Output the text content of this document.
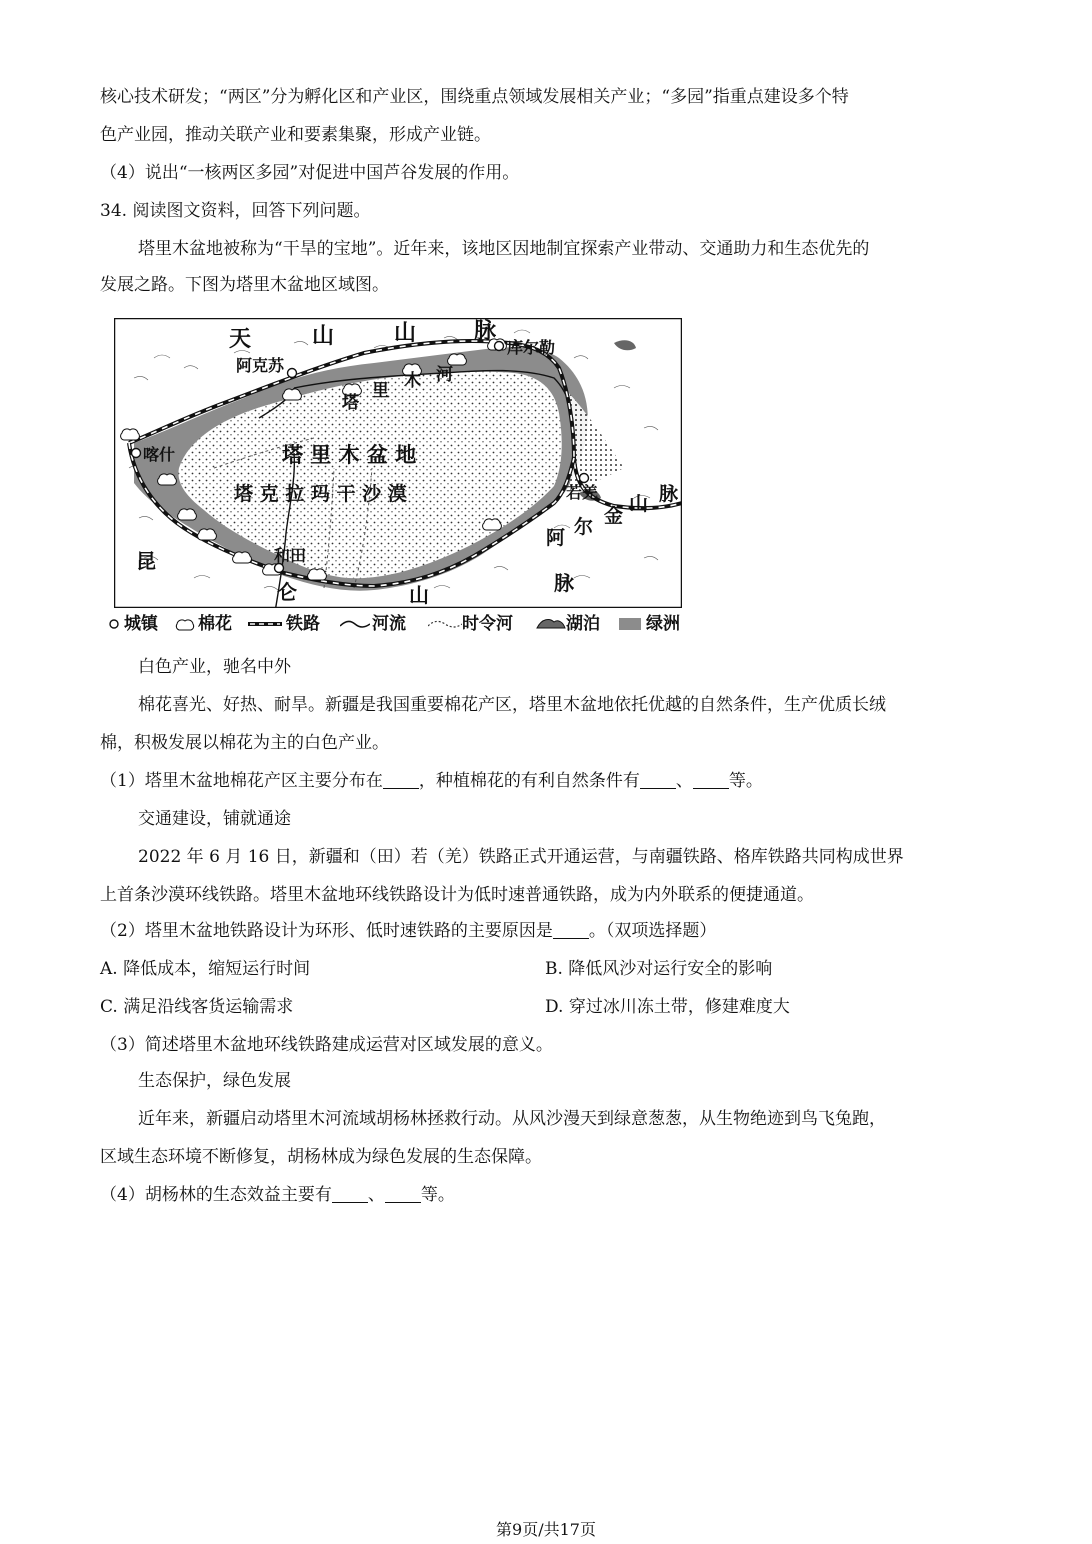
核心技术研发；“两区”分为孵化区和产业区，围绕重点领域发展相关产业；“多园”指重点建设多个特
色产业园，推动关联产业和要素集聚，形成产业链。
（4）说出“一核两区多园”对促进中国芦谷发展的作用。
34. 阅读图文资料，回答下列问题。
塔里木盆地被称为“干旱的宝地”。近年来，该地区因地制宜探索产业带动、交通助力和生态优先的
发展之路。下图为塔里木盆地区域图。
天	山	山	脉
库尔勒
阿克苏
喀什
和田
若羌
塔
里 木 河
塔 里 木 盆 地
塔 克 拉 玛 干 沙 漠
昆
仑	山
阿 尔 金
山 脉
脉
城镇 棉花	铁路	河流	时令河	湖泊	绿洲
白色产业，驰名中外
棉花喜光、好热、耐旱。新疆是我国重要棉花产区，塔里木盆地依托优越的自然条件，生产优质长绒
棉，积极发展以棉花为主的白色产业。
（1）塔里木盆地棉花产区主要分布在 ，种植棉花的有利自然条件有 、 等。
交通建设，铺就通途
2022 年 6 月 16 日，新疆和（田）若（羌）铁路正式开通运营，与南疆铁路、格库铁路共同构成世界
上首条沙漠环线铁路。塔里木盆地环线铁路设计为低时速普通铁路，成为内外联系的便捷通道。
（2）塔里木盆地铁路设计为环形、低时速铁路的主要原因是 。（双项选择题）
A. 降低成本，缩短运行时间	B. 降低风沙对运行安全的影响
C. 满足沿线客货运输需求	D. 穿过冰川冻土带，修建难度大
（3）简述塔里木盆地环线铁路建成运营对区域发展的意义。
生态保护，绿色发展
近年来，新疆启动塔里木河流域胡杨林拯救行动。从风沙漫天到绿意葱葱，从生物绝迹到鸟飞兔跑，
区域生态环境不断修复，胡杨林成为绿色发展的生态保障。
（4）胡杨林的生态效益主要有 、 等。
第9页/共17页
